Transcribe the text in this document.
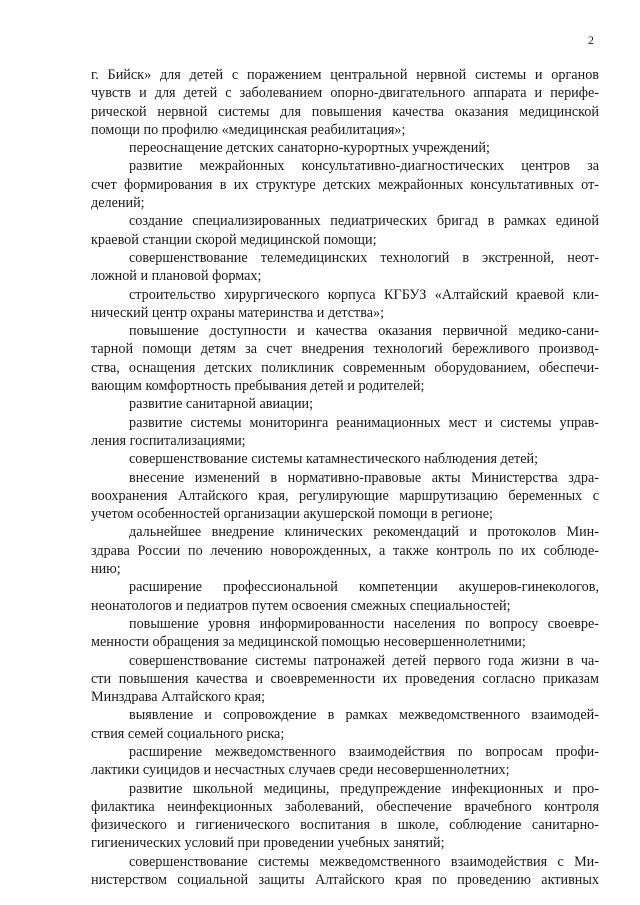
2
г. Бийск» для детей с поражением центральной нервной системы и органов
чувств и для детей с заболеванием опорно-двигательного аппарата и перифе-
рической нервной системы для повышения качества оказания медицинской
помощи по профилю «медицинская реабилитация»;
переоснащение детских санаторно-курортных учреждений;
развитие межрайонных консультативно-диагностических центров за
счет формирования в их структуре детских межрайонных консультативных от-
делений;
создание специализированных педиатрических бригад в рамках единой
краевой станции скорой медицинской помощи;
совершенствование телемедицинских технологий в экстренной, неот-
ложной и плановой формах;
строительство хирургического корпуса КГБУЗ «Алтайский краевой кли-
нический центр охраны материнства и детства»;
повышение доступности и качества оказания первичной медико-сани-
тарной помощи детям за счет внедрения технологий бережливого производ-
ства, оснащения детских поликлиник современным оборудованием, обеспечи-
вающим комфортность пребывания детей и родителей;
развитие санитарной авиации;
развитие системы мониторинга реанимационных мест и системы управ-
ления госпитализациями;
совершенствование системы катамнестического наблюдения детей;
внесение изменений в нормативно-правовые акты Министерства здра-
воохранения Алтайского края, регулирующие маршрутизацию беременных с
учетом особенностей организации акушерской помощи в регионе;
дальнейшее внедрение клинических рекомендаций и протоколов Мин-
здрава России по лечению новорожденных, а также контроль по их соблюде-
нию;
расширение профессиональной компетенции акушеров-гинекологов,
неонатологов и педиатров путем освоения смежных специальностей;
повышение уровня информированности населения по вопросу своевре-
менности обращения за медицинской помощью несовершеннолетними;
совершенствование системы патронажей детей первого года жизни в ча-
сти повышения качества и своевременности их проведения согласно приказам
Минздрава Алтайского края;
выявление и сопровождение в рамках межведомственного взаимодей-
ствия семей социального риска;
расширение межведомственного взаимодействия по вопросам профи-
лактики суицидов и несчастных случаев среди несовершеннолетних;
развитие школьной медицины, предупреждение инфекционных и про-
филактика неинфекционных заболеваний, обеспечение врачебного контроля
физического и гигиенического воспитания в школе, соблюдение санитарно-
гигиенических условий при проведении учебных занятий;
совершенствование системы межведомственного взаимодействия с Ми-
нистерством социальной защиты Алтайского края по проведению активных
